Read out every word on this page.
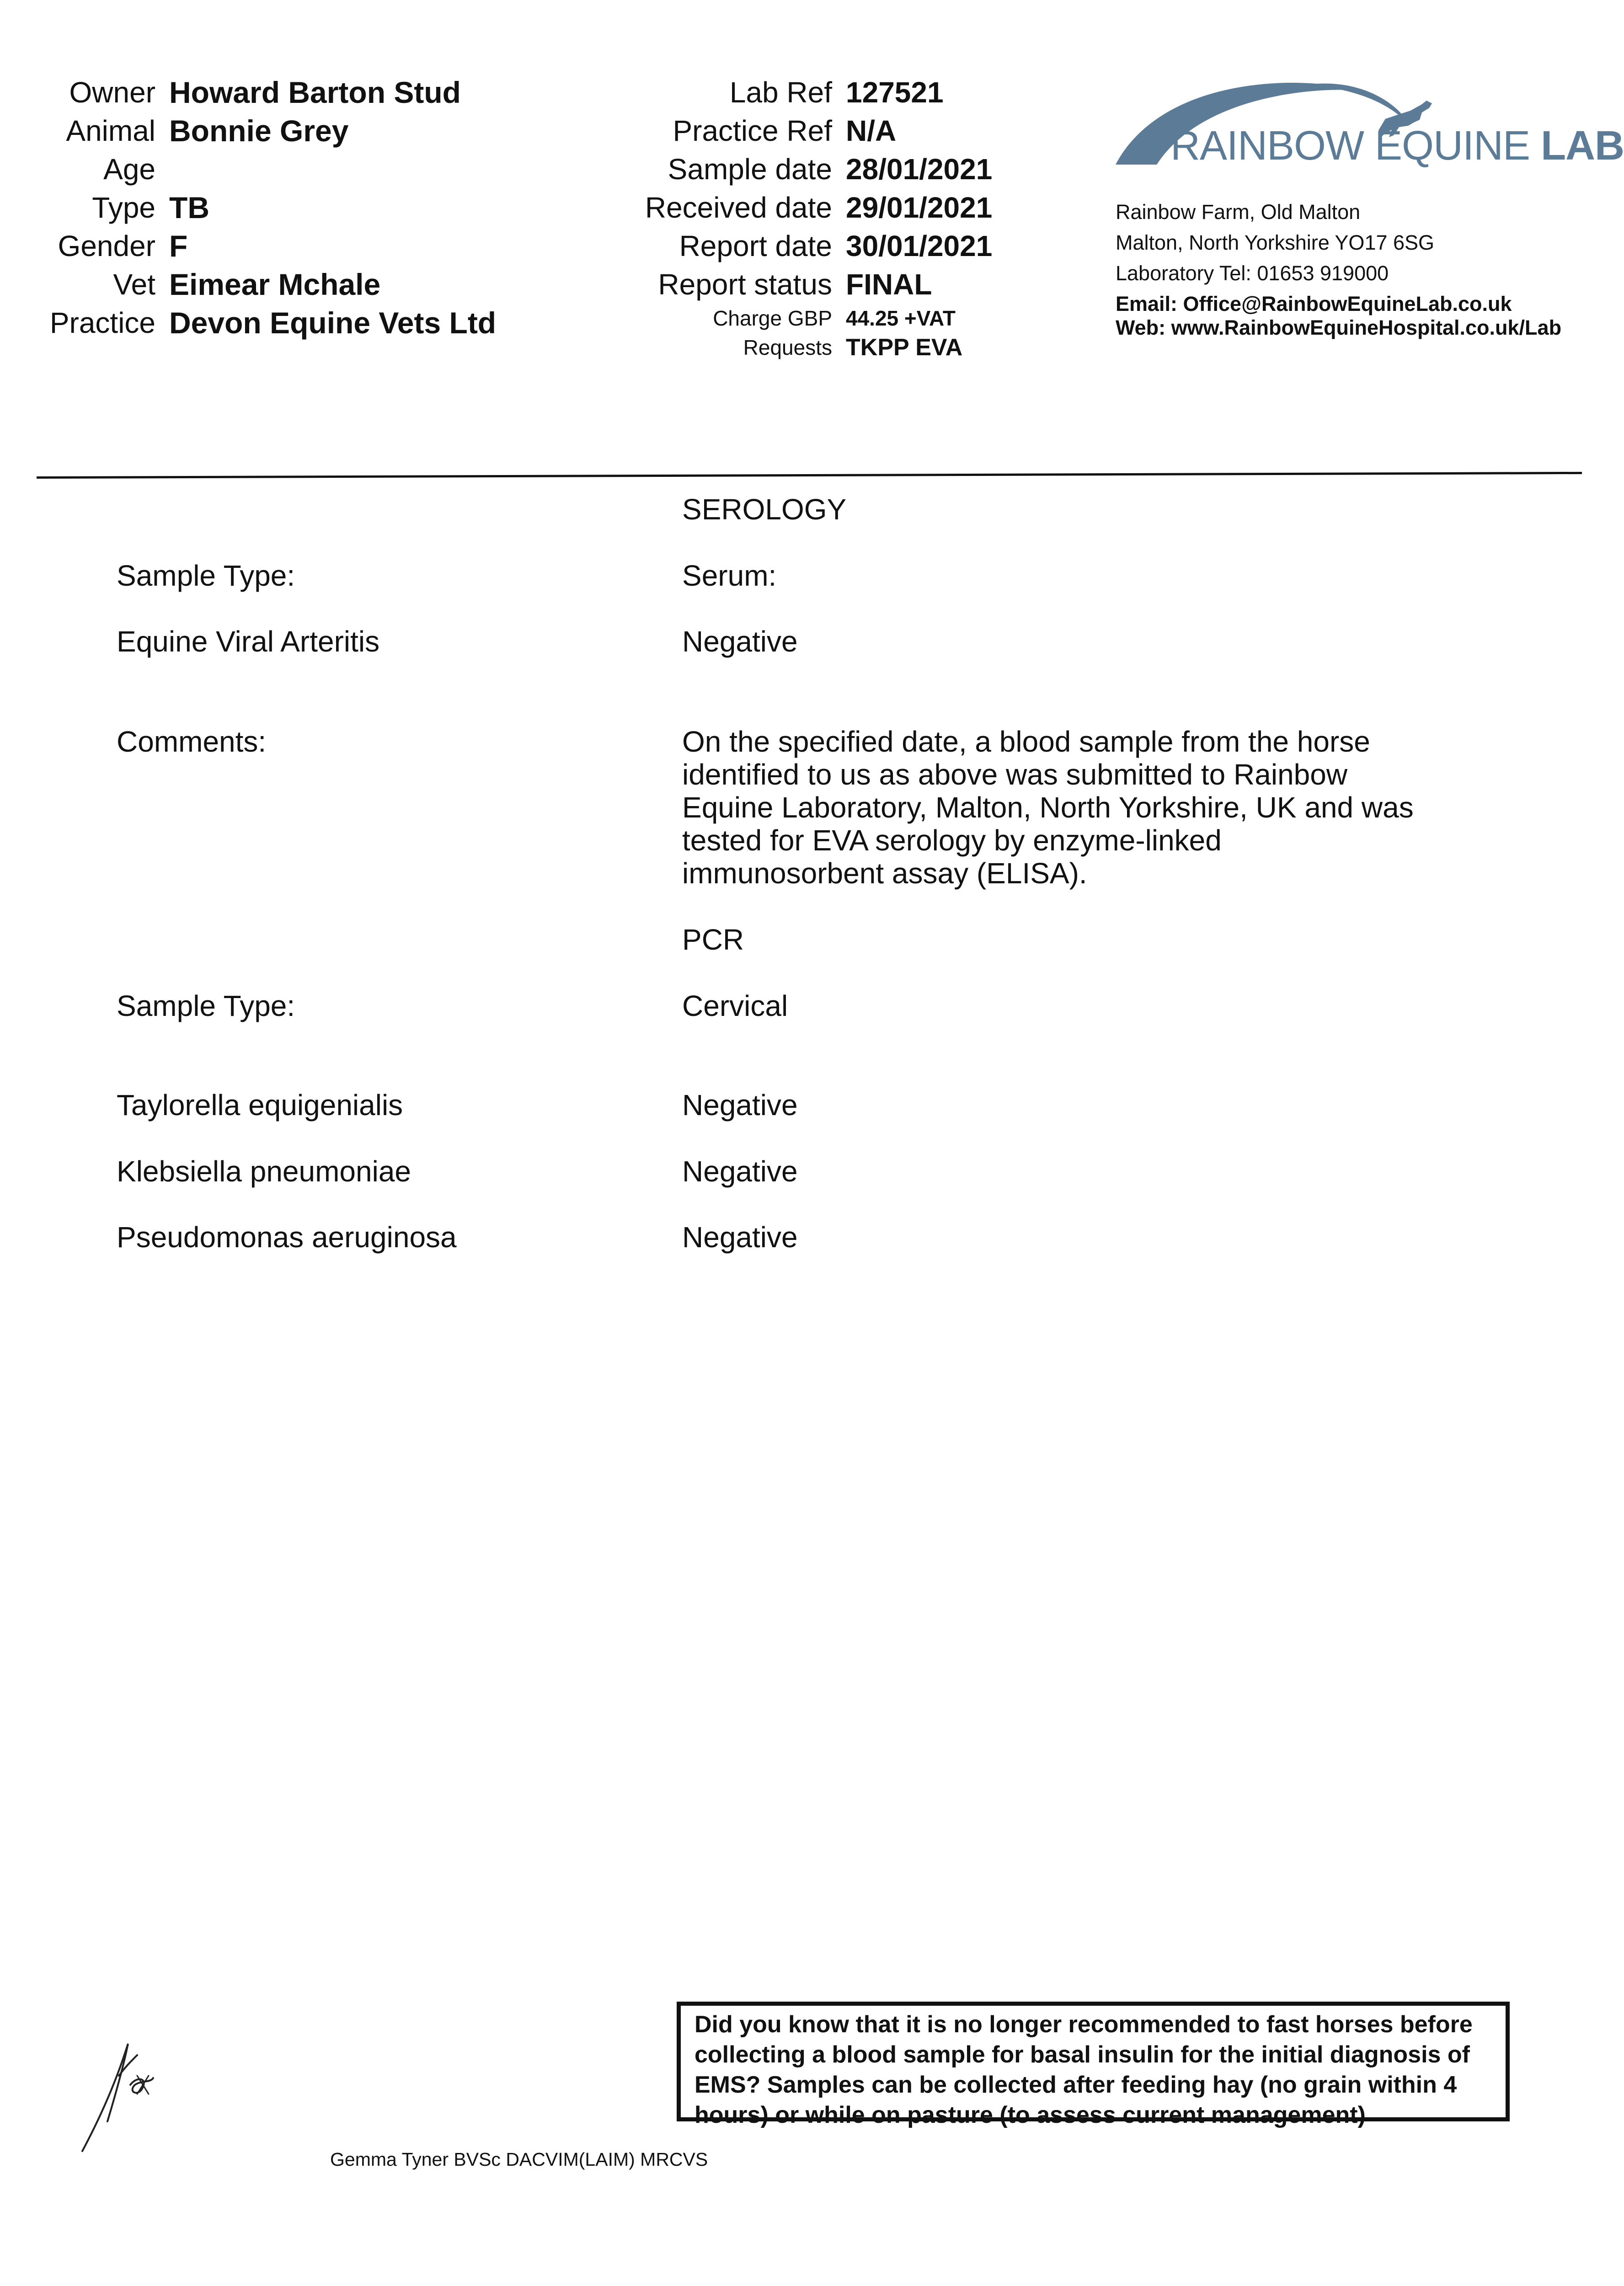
Owner Howard Barton Stud
Animal Bonnie Grey
Age
Type TB
Gender F
Vet Eimear Mchale
Practice Devon Equine Vets Ltd
Lab Ref 127521
Practice Ref N/A
Sample date 28/01/2021
Received date 29/01/2021
Report date 30/01/2021
Report status FINAL
Charge GBP 44.25 +VAT
Requests TKPP EVA
RAINBOW EQUINE LAB
Rainbow Farm, Old Malton
Malton, North Yorkshire YO17 6SG
Laboratory Tel: 01653 919000
Email: Office@RainbowEquineLab.co.uk
Web: www.RainbowEquineHospital.co.uk/Lab
SEROLOGY
Sample Type:	Serum:
Equine Viral Arteritis	Negative
Comments:	On the specified date, a blood sample from the horse identified to us as above was submitted to Rainbow Equine Laboratory, Malton, North Yorkshire, UK and was tested for EVA serology by enzyme-linked immunosorbent assay (ELISA).
PCR
Sample Type:	Cervical
Taylorella equigenialis	Negative
Klebsiella pneumoniae	Negative
Pseudomonas aeruginosa	Negative
Did you know that it is no longer recommended to fast horses before collecting a blood sample for basal insulin for the initial diagnosis of EMS? Samples can be collected after feeding hay (no grain within 4 hours) or while on pasture (to assess current management)
Gemma Tyner BVSc DACVIM(LAIM) MRCVS
